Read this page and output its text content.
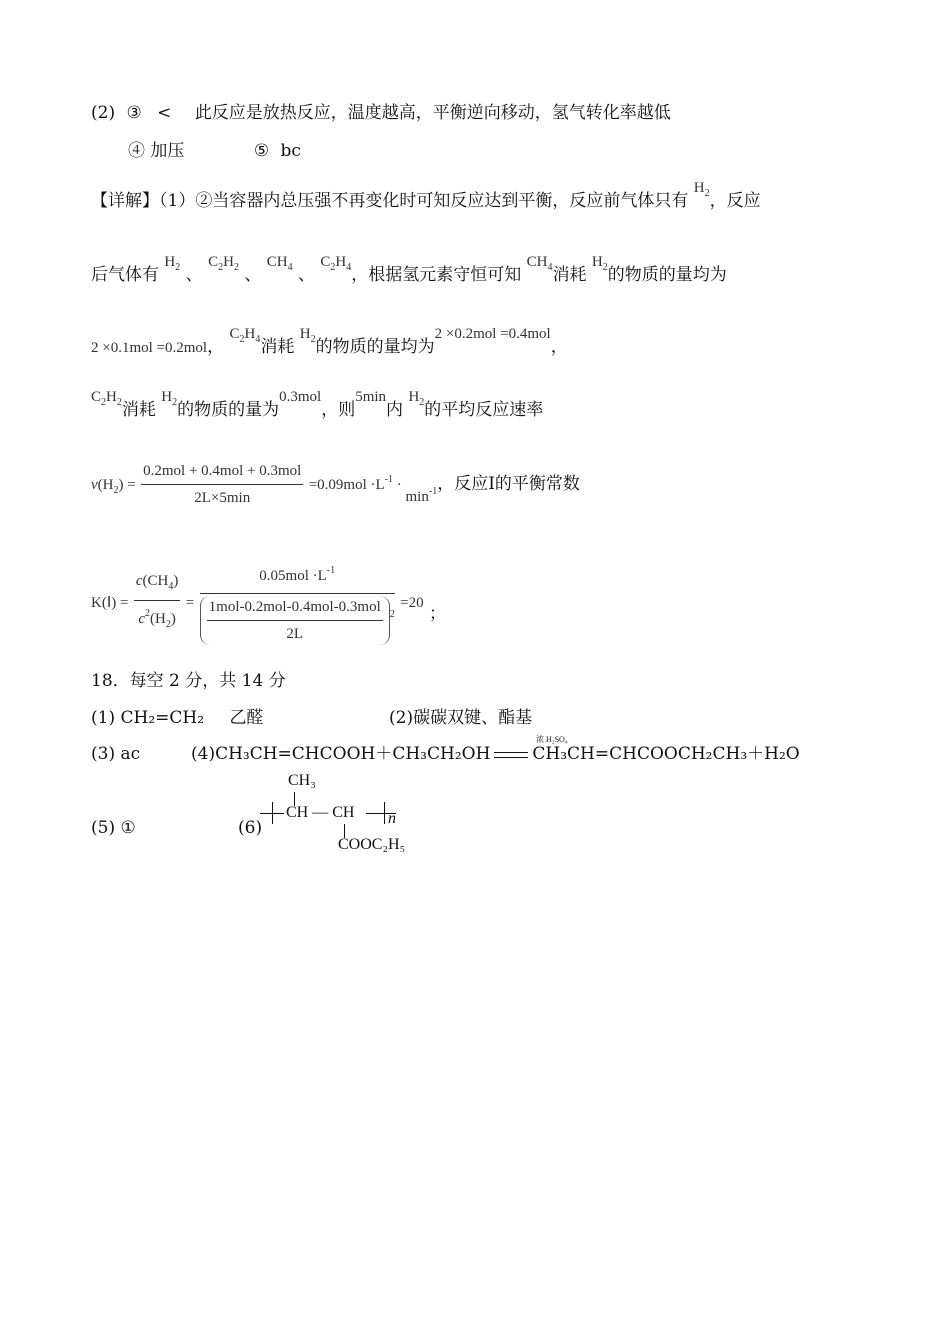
(2) ③ < 此反应是放热反应，温度越高，平衡逆向移动，氢气转化率越低
④ 加压	⑤ bc
【详解】（1）②当容器内总压强不再变化时可知反应达到平衡，反应前气体只有 $H_2$，反应
后气体有 $H_2$ 、 $C_2H_2$ 、 $CH_4$ 、 $C_2H_4$，根据氢元素守恒可知 $CH_4$消耗 $H_2$的物质的量均为
2 ×0.1mol =0.2mol， $C_2H_4$消耗 $H_2$的物质的量均为2 ×0.2mol =0.4mol，
$C_2H_2$消耗 $H_2$的物质的量为0.3mol，则5min内 $H_2$的平均反应速率
$v(H_2) = \frac{\text{0.2mol + 0.4mol + 0.3mol}}{2L\times 5\min} =0.09mol \cdot L^{-1} \cdot \min^{-1}$，反应Ⅰ的平衡常数
K(Ⅰ) = $\frac{c(CH_4)}{c^2(H_2)} = \frac{0.05mol \cdot L^{-1}}{\frac{\text{1mol-0.2mol-0.4mol-0.3mol}}{2L} ^2} =20$ ；
18．每空 2 分，共 14 分
(1) CH₂=CH₂ 乙醛	(2)碳碳双键、酯基
(3) ac	(4)CH₃CH=CHCOOH＋CH₃CH₂OH CH₃CH=CHCOOCH₂CH₃＋H₂O
浓 H₂SO₄
(5) ①	(6)
CH₃
CH — CH n
COOC₂H₅
